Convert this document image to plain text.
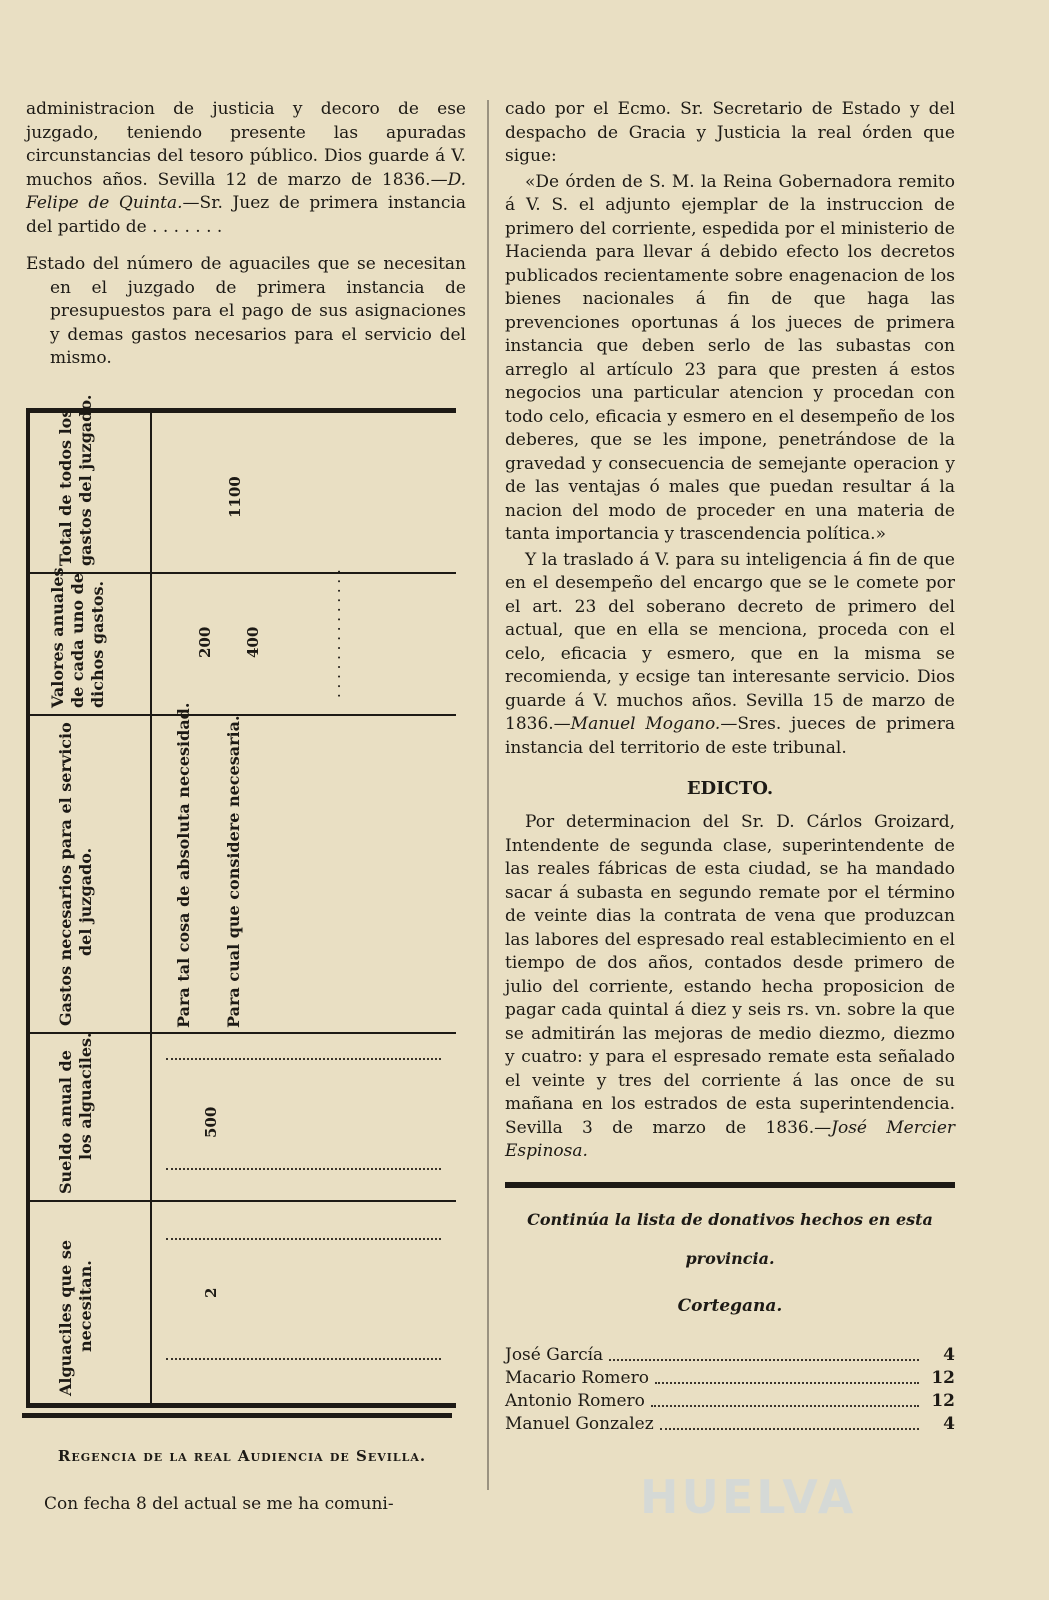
administracion de justicia y decoro de ese juzgado, teniendo presente las apuradas circunstancias del tesoro público. Dios guarde á V. muchos años. Sevilla 12 de marzo de 1836.—D. Felipe de Quinta.—Sr. Juez de primera instancia del partido de . . . . . . .

Estado del número de aguaciles que se necesitan en el juzgado de primera instancia de presupuestos para el pago de sus asignaciones y demas gastos necesarios para el servicio del mismo.

Total de todos los gastos del juzgado.	1100
Valores anuales de cada uno de dichos gastos.	200 400	. . . . . . . . . . . . . .
Gastos necesarios para el servicio del juzgado.	Para tal cosa de absoluta necesidad. Para cual que considere necesaria.
Sueldo anual de los alguaciles.	500
Alguaciles que se necesitan.	2
Regencia de la real Audiencia de Sevilla.

Con fecha 8 del actual se me ha comuni-

cado por el Ecmo. Sr. Secretario de Estado y del despacho de Gracia y Justicia la real órden que sigue:

«De órden de S. M. la Reina Gobernadora remito á V. S. el adjunto ejemplar de la instruccion de primero del corriente, espedida por el ministerio de Hacienda para llevar á debido efecto los decretos publicados recientamente sobre enagenacion de los bienes nacionales á fin de que haga las prevenciones oportunas á los jueces de primera instancia que deben serlo de las subastas con arreglo al artículo 23 para que presten á estos negocios una particular atencion y procedan con todo celo, eficacia y esmero en el desempeño de los deberes, que se les impone, penetrándose de la gravedad y consecuencia de semejante operacion y de las ventajas ó males que puedan resultar á la nacion del modo de proceder en una materia de tanta importancia y trascendencia política.»

Y la traslado á V. para su inteligencia á fin de que en el desempeño del encargo que se le comete por el art. 23 del soberano decreto de primero del actual, que en ella se menciona, proceda con el celo, eficacia y esmero, que en la misma se recomienda, y ecsige tan interesante servicio. Dios guarde á V. muchos años. Sevilla 15 de marzo de 1836.—Manuel Mogano.—Sres. jueces de primera instancia del territorio de este tribunal.

EDICTO.

Por determinacion del Sr. D. Cárlos Groizard, Intendente de segunda clase, superintendente de las reales fábricas de esta ciudad, se ha mandado sacar á subasta en segundo remate por el término de veinte dias la contrata de vena que produzcan las labores del espresado real establecimiento en el tiempo de dos años, contados desde primero de julio del corriente, estando hecha proposicion de pagar cada quintal á diez y seis rs. vn. sobre la que se admitirán las mejoras de medio diezmo, diezmo y cuatro: y para el espresado remate esta señalado el veinte y tres del corriente á las once de su mañana en los estrados de esta superintendencia. Sevilla 3 de marzo de 1836.—José Mercier Espinosa.

Continúa la lista de donativos hechos en esta
provincia.
Cortegana.
José García	4
Macario Romero	12
Antonio Romero	12
Manuel Gonzalez	4
HUELVA
